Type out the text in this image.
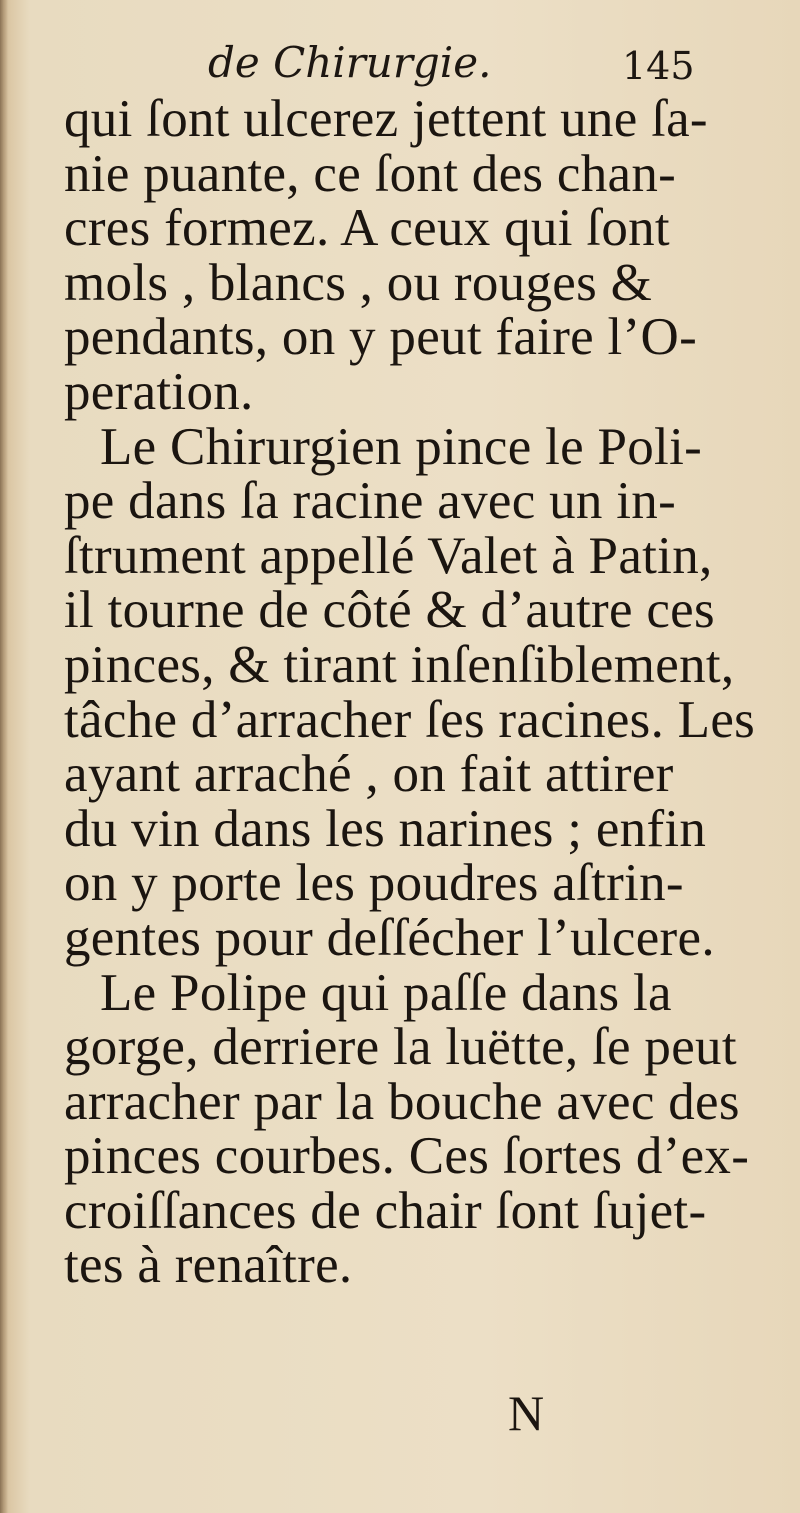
de Chirurgie.	145
qui ſont ulcerez jettent une ſa-
nie puante, ce ſont des chan-
cres formez. A ceux qui ſont
mols , blancs , ou rouges &
pendants, on y peut faire l’O-
peration.
Le Chirurgien pince le Poli-
pe dans ſa racine avec un in-
ſtrument appellé Valet à Patin,
il tourne de côté & d’autre ces
pinces, & tirant inſenſiblement,
tâche d’arracher ſes racines. Les
ayant arraché , on fait attirer
du vin dans les narines ; enfin
on y porte les poudres aſtrin-
gentes pour deſſécher l’ulcere.
Le Polipe qui paſſe dans la
gorge, derriere la luëtte, ſe peut
arracher par la bouche avec des
pinces courbes. Ces ſortes d’ex-
croiſſances de chair ſont ſujet-
tes à renaître.
N
